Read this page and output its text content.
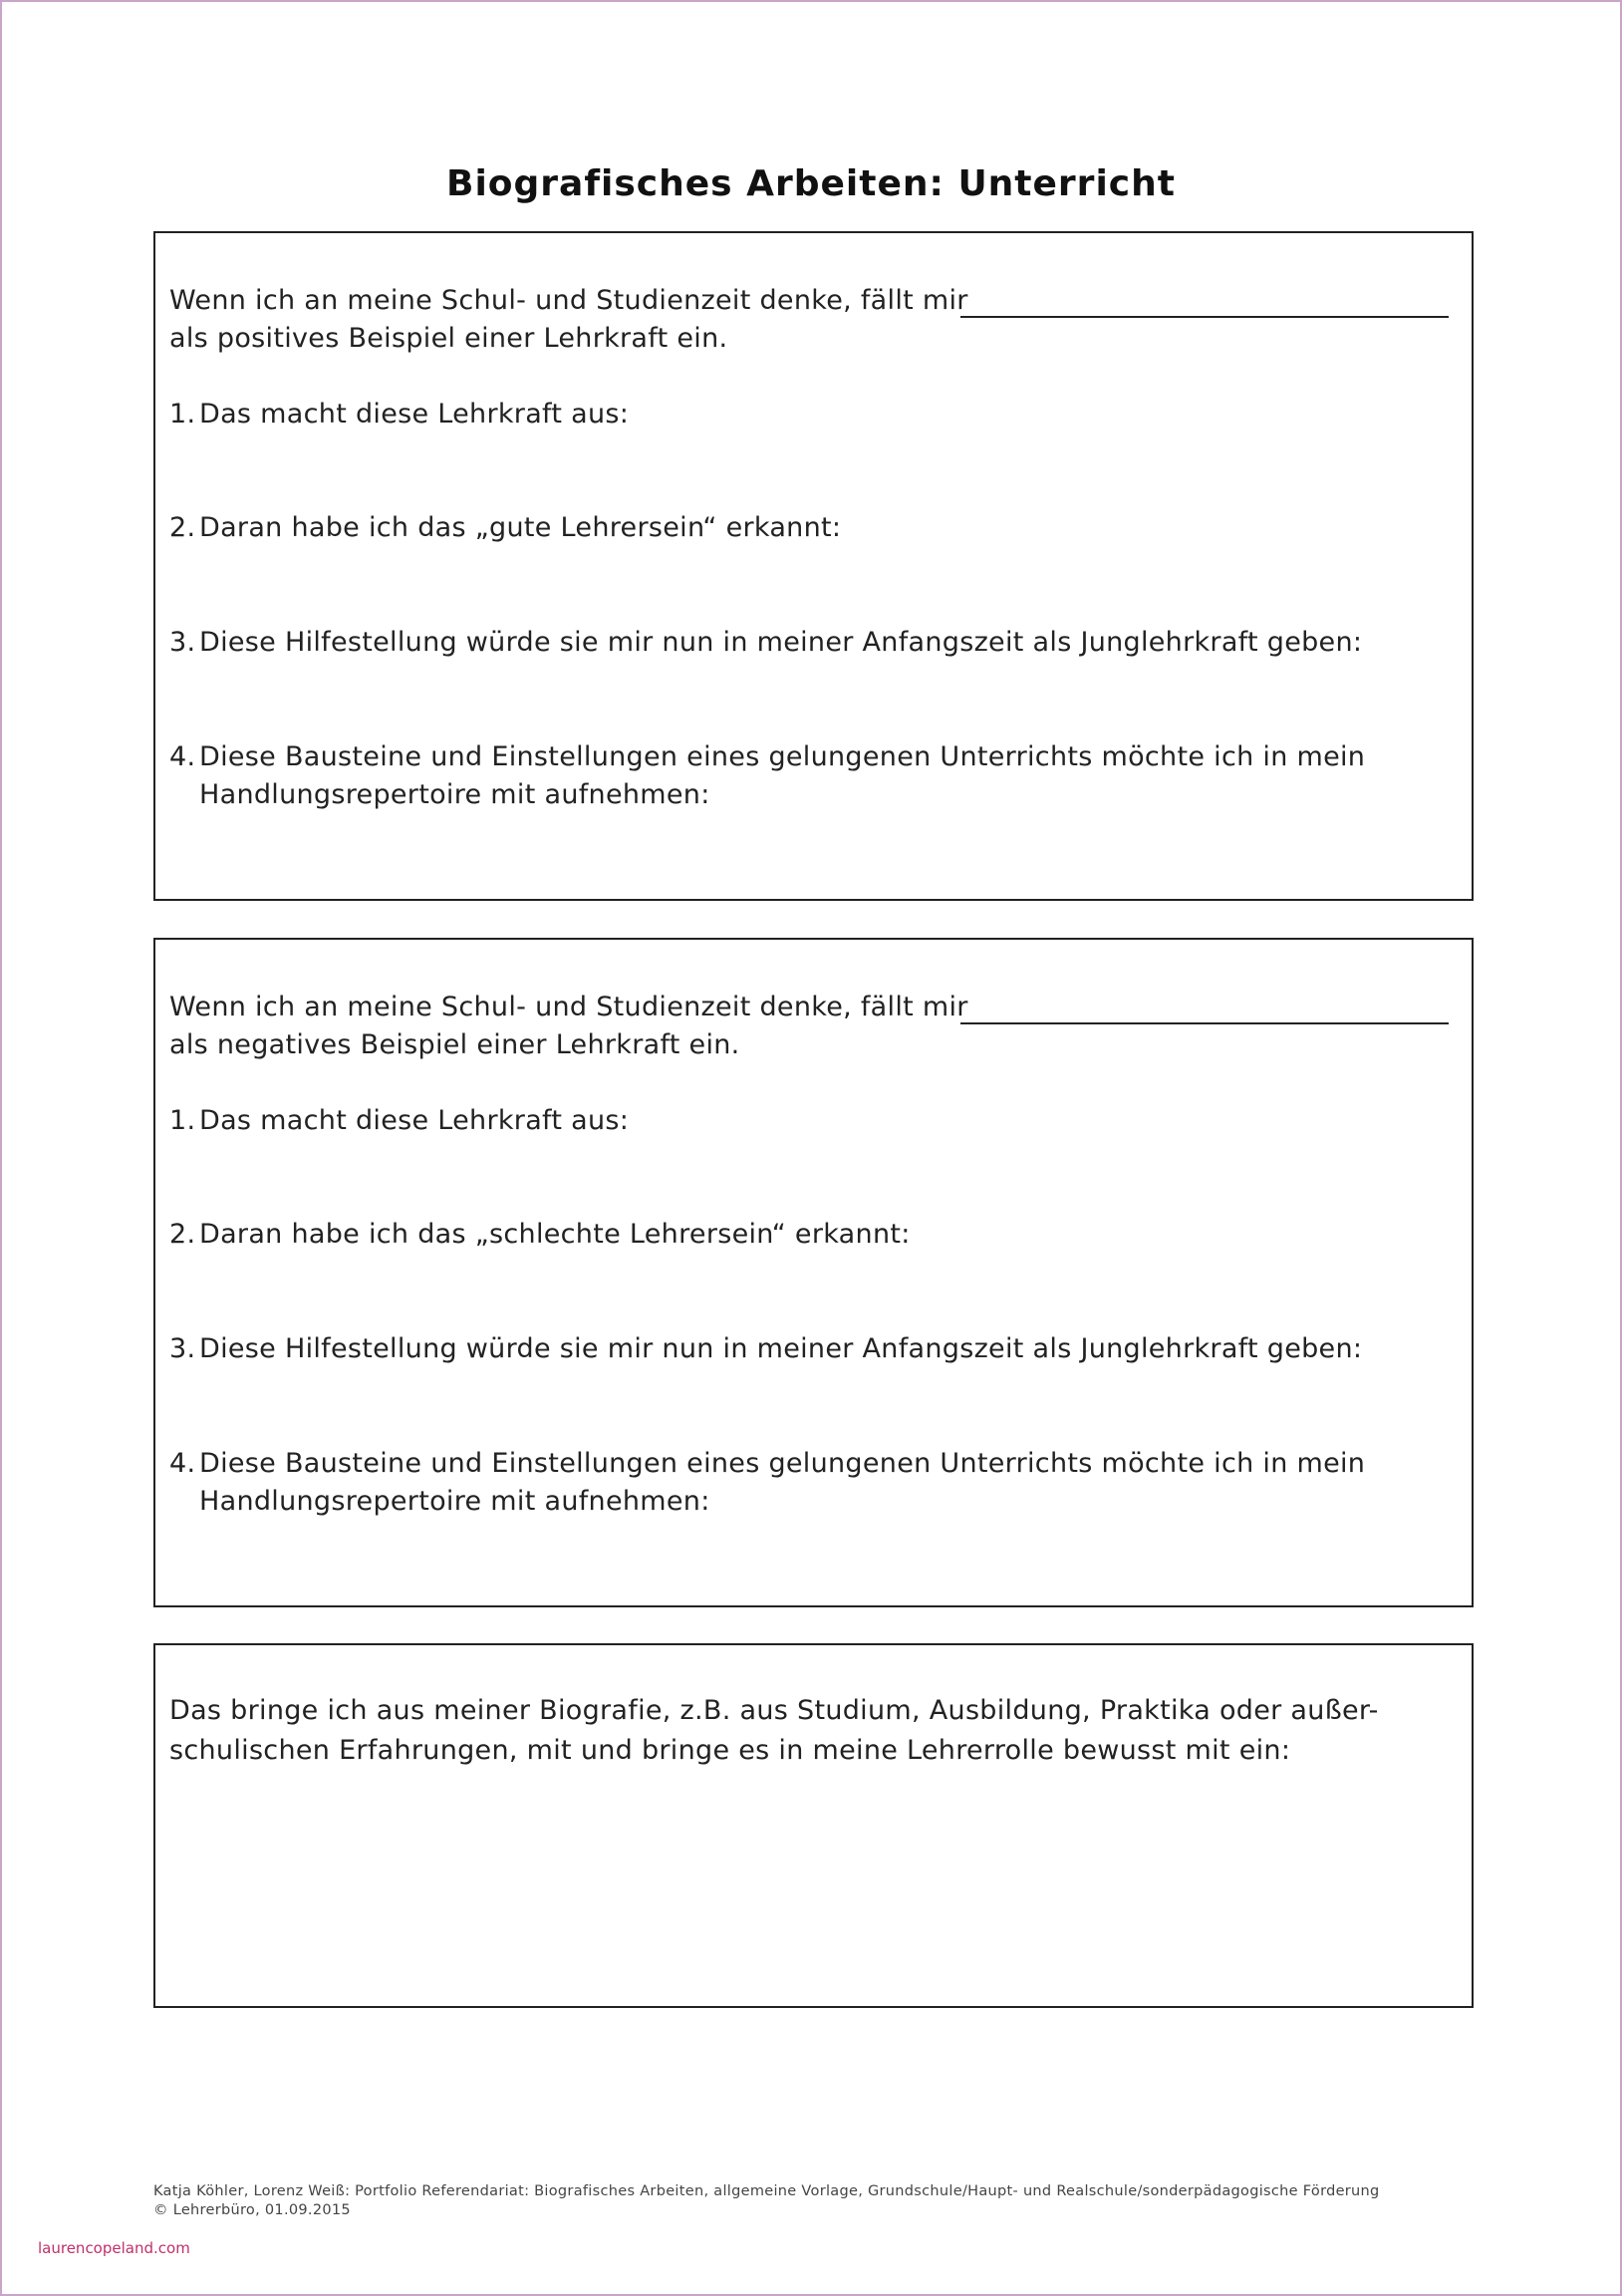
Biografisches Arbeiten: Unterricht
Wenn ich an meine Schul- und Studienzeit denke, fällt mir
als positives Beispiel einer Lehrkraft ein.
1. Das macht diese Lehrkraft aus:
2. Daran habe ich das „gute Lehrersein“ erkannt:
3. Diese Hilfestellung würde sie mir nun in meiner Anfangszeit als Junglehrkraft geben:
4. Diese Bausteine und Einstellungen eines gelungenen Unterrichts möchte ich in mein
Handlungsrepertoire mit aufnehmen:
Wenn ich an meine Schul- und Studienzeit denke, fällt mir
als negatives Beispiel einer Lehrkraft ein.
1. Das macht diese Lehrkraft aus:
2. Daran habe ich das „schlechte Lehrersein“ erkannt:
3. Diese Hilfestellung würde sie mir nun in meiner Anfangszeit als Junglehrkraft geben:
4. Diese Bausteine und Einstellungen eines gelungenen Unterrichts möchte ich in mein
Handlungsrepertoire mit aufnehmen:
Das bringe ich aus meiner Biografie, z.B. aus Studium, Ausbildung, Praktika oder außer-
schulischen Erfahrungen, mit und bringe es in meine Lehrerrolle bewusst mit ein:
Katja Köhler, Lorenz Weiß: Portfolio Referendariat: Biografisches Arbeiten, allgemeine Vorlage, Grundschule/Haupt- und Realschule/sonderpädagogische Förderung
© Lehrerbüro, 01.09.2015
laurencopeland.com
